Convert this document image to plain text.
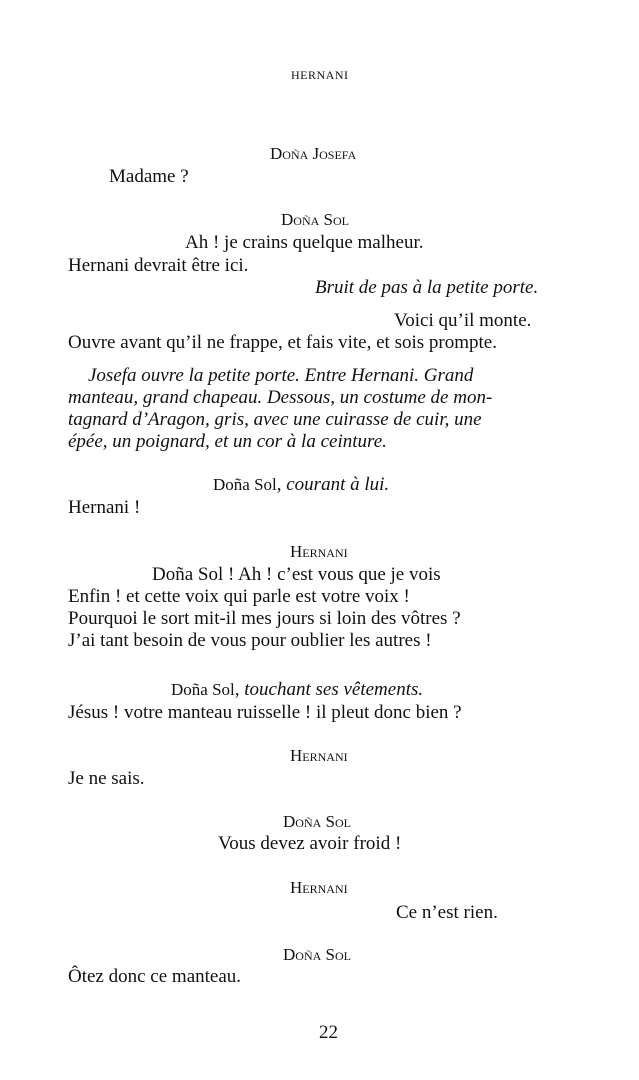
HERNANI
Doña Josefa
Madame ?
Doña Sol
Ah ! je crains quelque malheur.
Hernani devrait être ici.
Bruit de pas à la petite porte.
Voici qu’il monte.
Ouvre avant qu’il ne frappe, et fais vite, et sois prompte.
Josefa ouvre la petite porte. Entre Hernani. Grand
manteau, grand chapeau. Dessous, un costume de mon-
tagnard d’Aragon, gris, avec une cuirasse de cuir, une
épée, un poignard, et un cor à la ceinture.
Doña Sol, courant à lui.
Hernani !
Hernani
Doña Sol ! Ah ! c’est vous que je vois
Enfin ! et cette voix qui parle est votre voix !
Pourquoi le sort mit-il mes jours si loin des vôtres ?
J’ai tant besoin de vous pour oublier les autres !
Doña Sol, touchant ses vêtements.
Jésus ! votre manteau ruisselle ! il pleut donc bien ?
Hernani
Je ne sais.
Doña Sol
Vous devez avoir froid !
Hernani
Ce n’est rien.
Doña Sol
Ôtez donc ce manteau.
22
